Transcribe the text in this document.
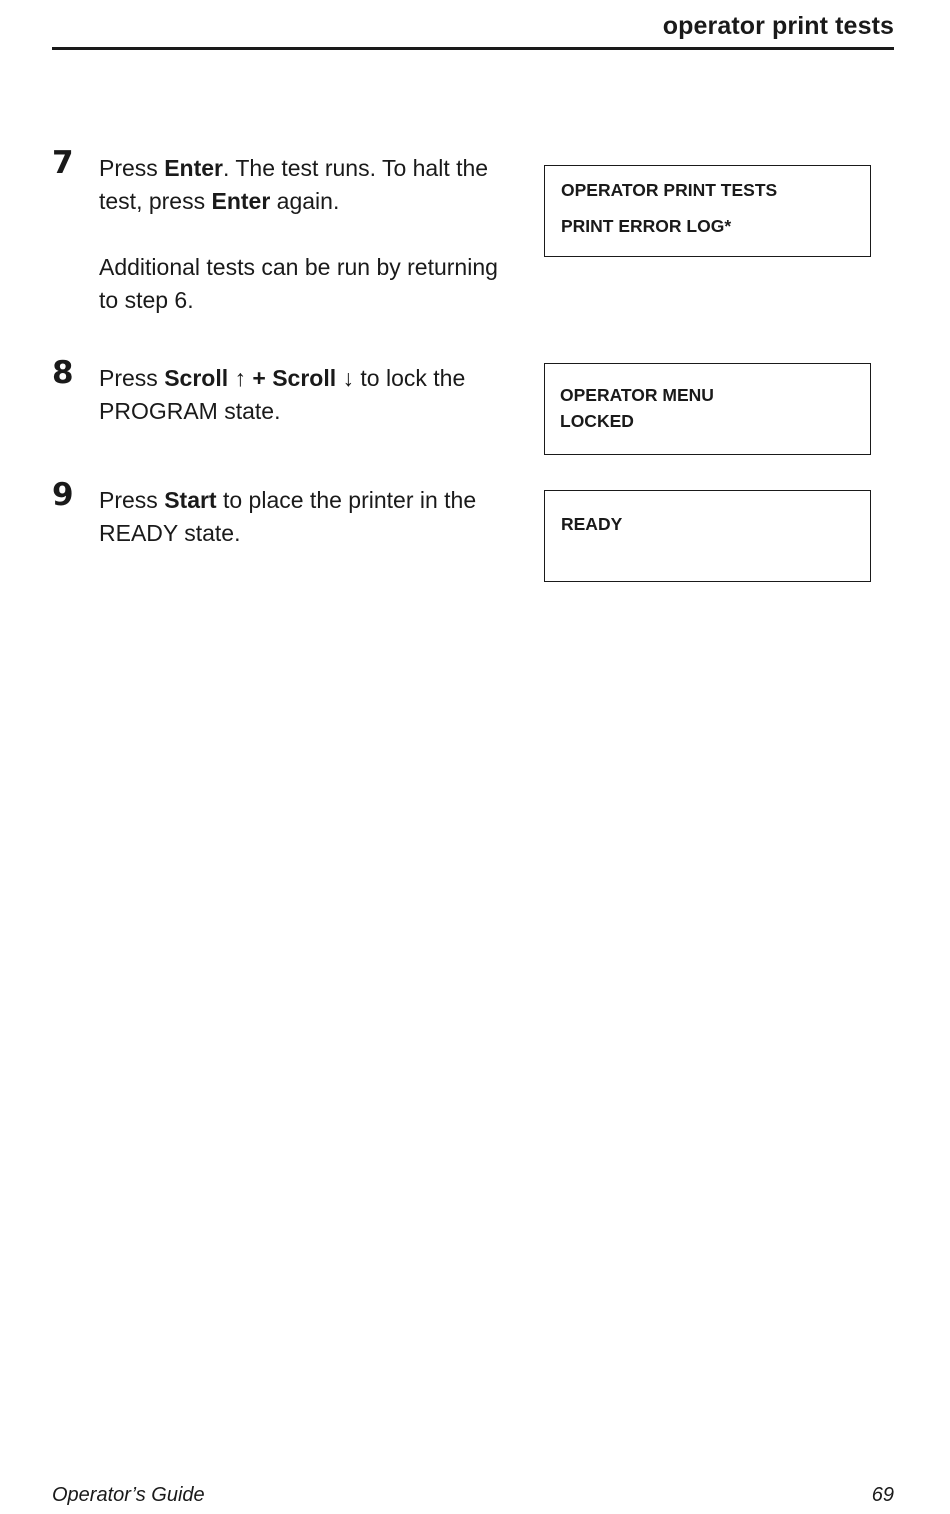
operator print tests
7 Press Enter. The test runs. To halt the test, press Enter again.

Additional tests can be run by returning to step 6.

8 Press Scroll ↑ + Scroll ↓ to lock the PROGRAM state.

9 Press Start to place the printer in the READY state.

OPERATOR PRINT TESTS
PRINT ERROR LOG*
OPERATOR MENU
LOCKED
READY
Operator’s Guide	69
